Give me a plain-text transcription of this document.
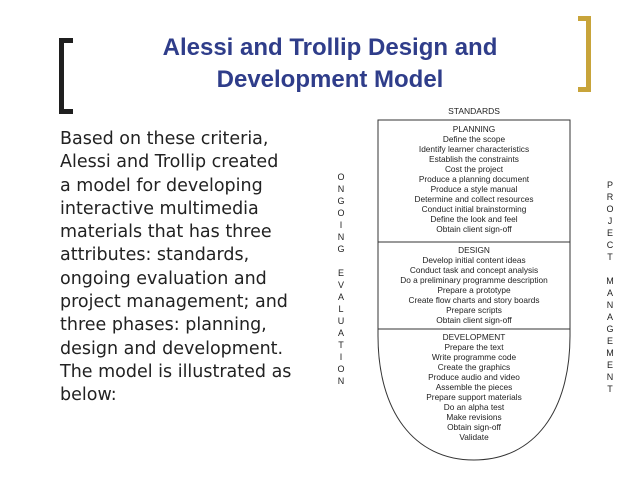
Alessi and Trollip Design and
Development Model
Based on these criteria,
Alessi and Trollip created
a model for developing
interactive multimedia
materials that has three
attributes: standards,
ongoing evaluation and
project management; and
three phases: planning,
design and development.
The model is illustrated as
below:
STANDARDS
PLANNING
Define the scope
Identify learner characteristics
Establish the constraints
Cost the project
Produce a planning document
Produce a style manual
Determine and collect resources
Conduct initial brainstorming
Define the look and feel
Obtain client sign-off
DESIGN
Develop initial content ideas
Conduct task and concept analysis
Do a preliminary programme description
Prepare a prototype
Create flow charts and story boards
Prepare scripts
Obtain client sign-off
DEVELOPMENT
Prepare the text
Write programme code
Create the graphics
Produce audio and video
Assemble the pieces
Prepare support materials
Do an alpha test
Make revisions
Obtain sign-off
Validate
O
N
G
O
I
N
G
E
V
A
L
U
A
T
I
O
N
P
R
O
J
E
C
T
M
A
N
A
G
E
M
E
N
T
